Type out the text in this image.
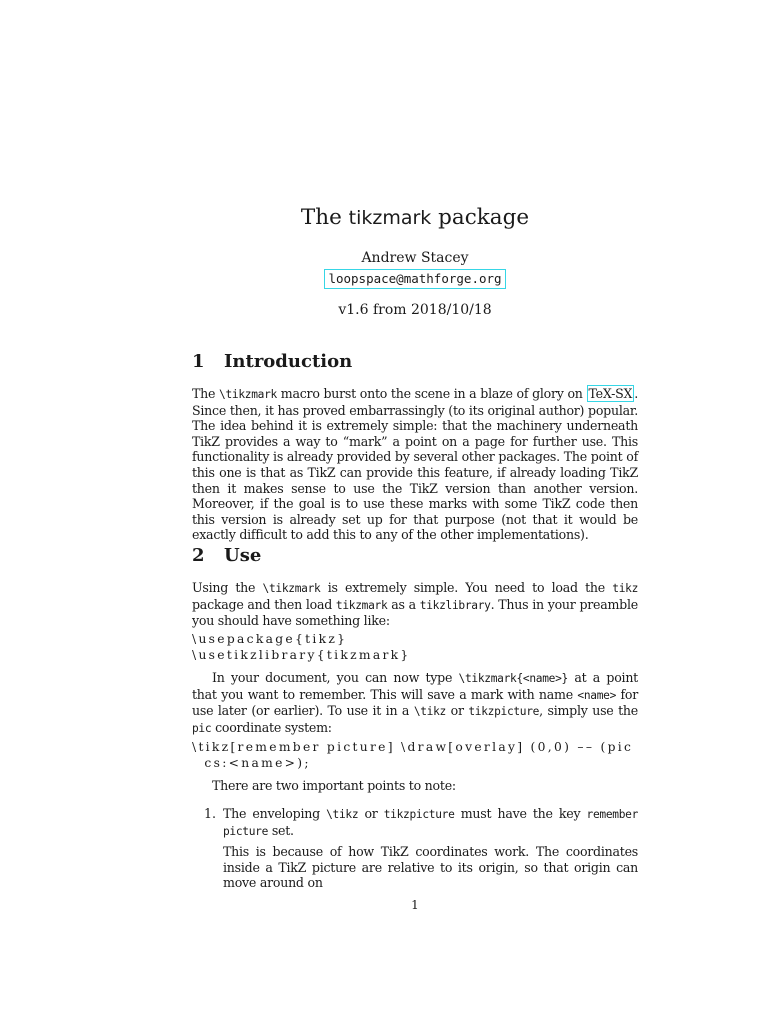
The tikzmark package
Andrew Stacey
loopspace@mathforge.org
v1.6 from 2018/10/18
1 Introduction

The \tikzmark macro burst onto the scene in a blaze of glory on TeX-SX . Since then, it has proved embarrassingly (to its original author) popular. The idea behind it is extremely simple: that the machinery underneath TikZ provides a way to “mark” a point on a page for further use. This functionality is already provided by several other packages. The point of this one is that as TikZ can provide this feature, if already loading TikZ then it makes sense to use the TikZ version than another version. Moreover, if the goal is to use these marks with some TikZ code then this version is already set up for that purpose (not that it would be exactly difficult to add this to any of the other implementations).

2 Use

Using the \tikzmark is extremely simple. You need to load the tikz package and then load tikzmark as a tikzlibrary. Thus in your preamble you should have something like:

\usepackage{tikz}
\usetikzlibrary{tikzmark}

In your document, you can now type \tikzmark{<name>} at a point that you want to remember. This will save a mark with name <name> for use later (or earlier). To use it in a \tikz or tikzpicture, simply use the pic coordinate system:

\tikz[remember picture] \draw[overlay] (0,0) –– (pic
cs:<name>);

There are two important points to note:

1. The enveloping \tikz or tikzpicture must have the key remember picture set.

This is because of how TikZ coordinates work. The coordinates inside a TikZ picture are relative to its origin, so that origin can move around on

1
